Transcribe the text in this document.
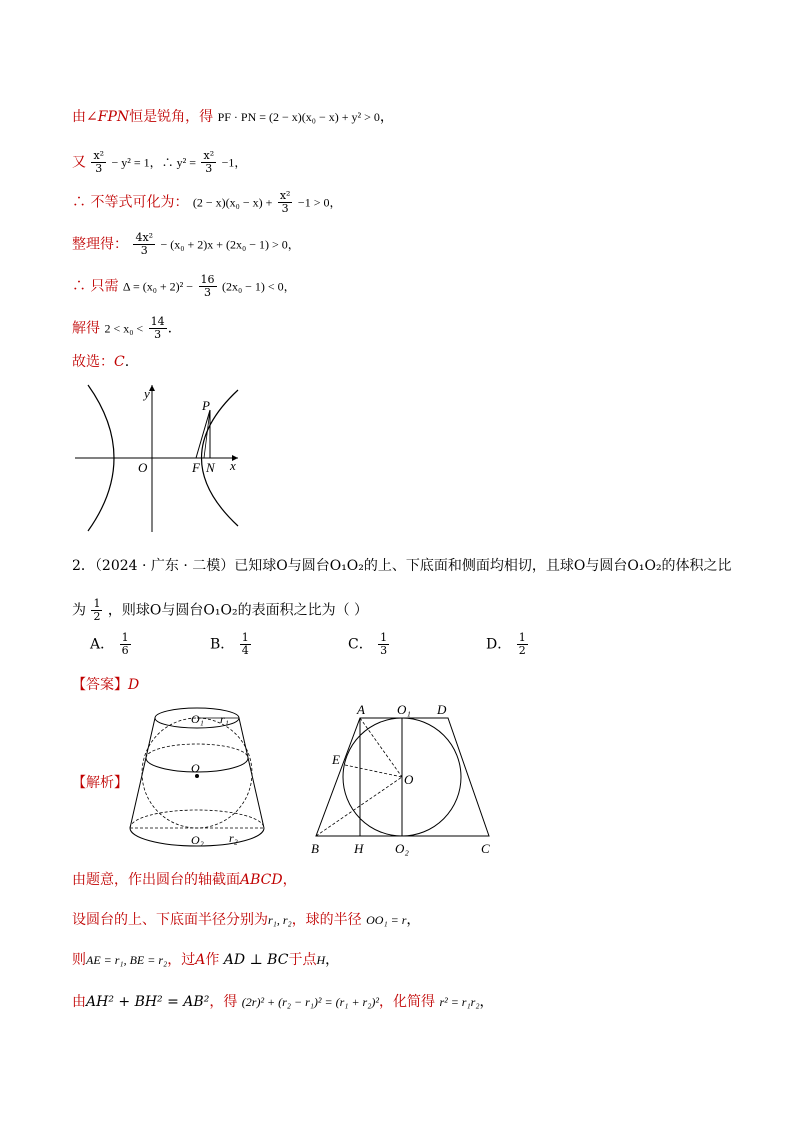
由∠FPN恒是锐角，得 PF · PN = (2 − x)(x₀ − x) + y² > 0，
又 $\frac{\text{x²}}{3} - y^2 = 1$，∴ $y^2 = \frac{\text{x²}}{3} -1$，
∴ 不等式可化为： $(2 - x)(x_0 - x) + \frac{\text{x²}}{3} -1 > 0$，
整理得： $\frac{\text{4x²}}{3} - (x_0 + 2)x + (2x_0 - 1) > 0$，
∴ 只需 $\Delta = (x_0 + 2)^2 - \frac{16}{3} (2x_0 - 1) < 0$，
解得 $2 < x_0 < \frac{14}{3}$ .
故选：C.
y
x
O
P
F N
2．（2024 · 广东 · 二模）已知球O与圆台O₁O₂的上、下底面和侧面均相切，且球O与圆台O₁O₂的体积之比
为 $\frac{1}{2}$ ，则球O与圆台O₁O₂的表面积之比为（ ）
A． $\frac{1}{6}$	B． $\frac{1}{4}$	C． $\frac{1}{3}$	D． $\frac{1}{2}$
【答案】D
【解析】
O₁ r₁
O
O₂ r₂
A O₁ D
E
O
B	H O₂	C
由题意，作出圆台的轴截面ABCD，
设圆台的上、下底面半径分别为r₁, r₂，球的半径 OO₁ = r，
则AE = r₁, BE = r₂，过A作 AD ⊥ BC于点H，
由AH² + BH² = AB²，得 (2r)² + (r₂ − r₁)² = (r₁ + r₂)²，化简得 r² = r₁r₂，
